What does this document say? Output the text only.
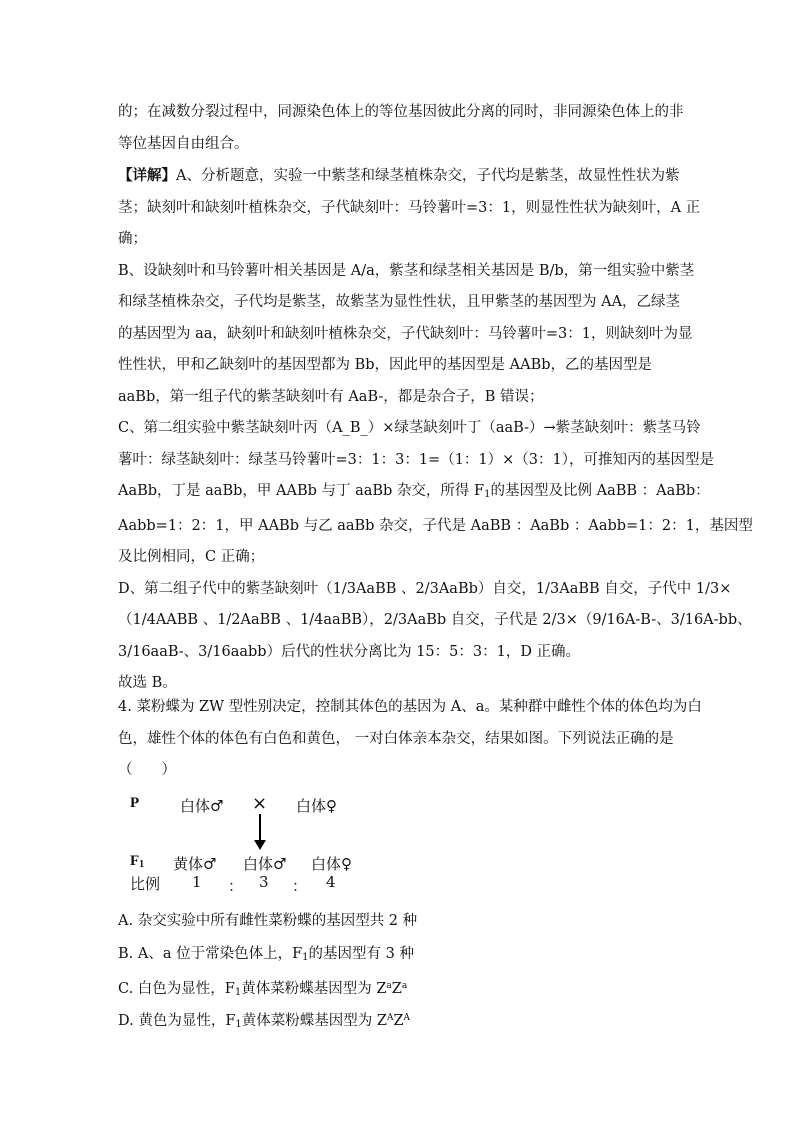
的；在减数分裂过程中，同源染色体上的等位基因彼此分离的同时，非同源染色体上的非
等位基因自由组合。
【详解】A、分析题意，实验一中紫茎和绿茎植株杂交，子代均是紫茎，故显性性状为紫
茎；缺刻叶和缺刻叶植株杂交，子代缺刻叶：马铃薯叶=3：1，则显性性状为缺刻叶，A 正
确；
B、设缺刻叶和马铃薯叶相关基因是 A/a，紫茎和绿茎相关基因是 B/b，第一组实验中紫茎
和绿茎植株杂交，子代均是紫茎，故紫茎为显性性状，且甲紫茎的基因型为 AA，乙绿茎
的基因型为 aa，缺刻叶和缺刻叶植株杂交，子代缺刻叶：马铃薯叶=3：1，则缺刻叶为显
性性状，甲和乙缺刻叶的基因型都为 Bb，因此甲的基因型是 AABb，乙的基因型是
aaBb，第一组子代的紫茎缺刻叶有 AaB-，都是杂合子，B 错误；
C、第二组实验中紫茎缺刻叶丙（A_B_）×绿茎缺刻叶丁（aaB-）→紫茎缺刻叶：紫茎马铃
薯叶：绿茎缺刻叶：绿茎马铃薯叶=3：1：3：1=（1：1）×（3：1），可推知丙的基因型是
AaBb，丁是 aaBb，甲 AABb 与丁 aaBb 杂交，所得 $F_1$的基因型及比例 AaBB ：AaBb：
Aabb=1：2：1，甲 AABb 与乙 aaBb 杂交，子代是 AaBB ：AaBb ：Aabb=1：2：1，基因型
及比例相同，C 正确；
D、第二组子代中的紫茎缺刻叶（1/3AaBB 、2/3AaBb）自交，1/3AaBB 自交，子代中 1/3×
（1/4AABB 、1/2AaBB 、1/4aaBB），2/3AaBb 自交，子代是 2/3×（9/16A-B-、3/16A-bb、
3/16aaB-、3/16aabb）后代的性状分离比为 15：5：3：1，D 正确。
故选 B。
4. 菜粉蝶为 ZW 型性别决定，控制其体色的基因为 A、a。某种群中雌性个体的体色均为白
色，雄性个体的体色有白色和黄色， 一对白体亲本杂交，结果如图。下列说法正确的是
（　　）
P	白体♂ × 白体♀
$F_1$ 黄体♂ 白体♂ 白体♀
比例 1 ： 3 ： 4
A. 杂交实验中所有雌性菜粉蝶的基因型共 2 种
B. A、a 位于常染色体上，$F_1$的基因型有 3 种
C. 白色为显性，$F_1$黄体菜粉蝶基因型为 $Z^aZ^a$
D. 黄色为显性，$F_1$黄体菜粉蝶基因型为 $Z^AZ^A$
